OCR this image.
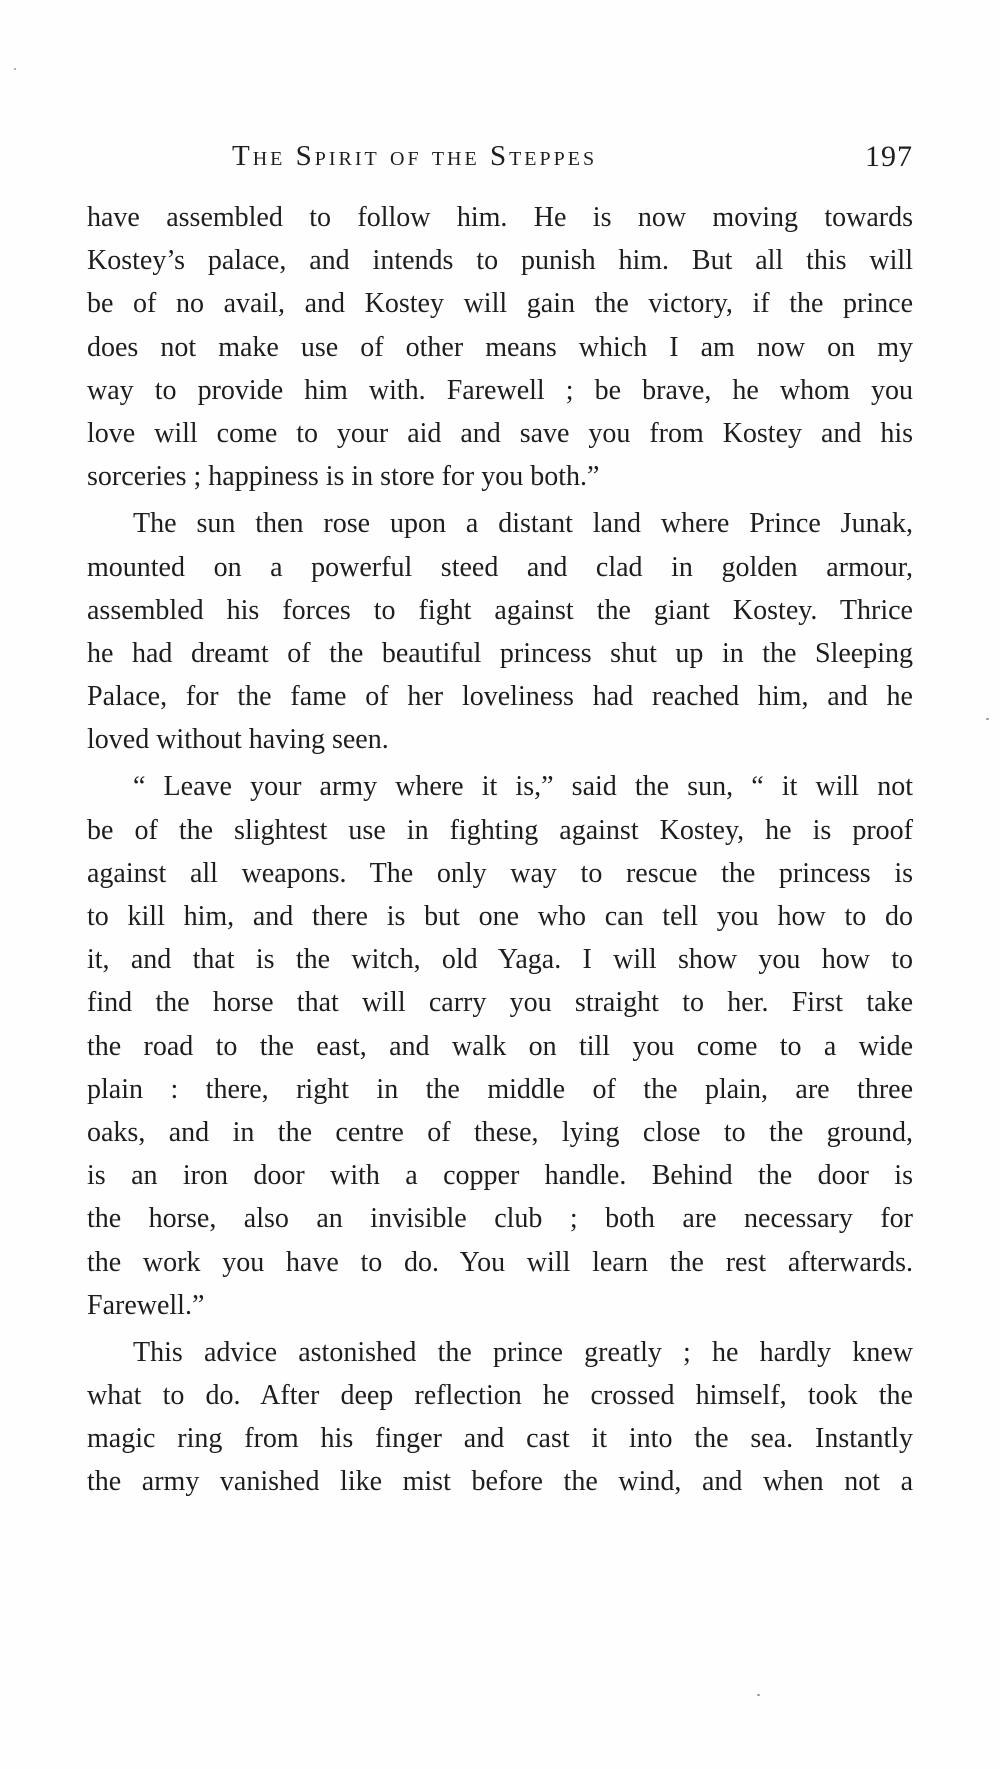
The Spirit of the Steppes	197
have assembled to follow him. He is now moving towards
Kostey’s palace, and intends to punish him. But all this will
be of no avail, and Kostey will gain the victory, if the prince
does not make use of other means which I am now on my
way to provide him with. Farewell ; be brave, he whom you
love will come to your aid and save you from Kostey and his
sorceries ; happiness is in store for you both.”
The sun then rose upon a distant land where Prince Junak,
mounted on a powerful steed and clad in golden armour,
assembled his forces to fight against the giant Kostey. Thrice
he had dreamt of the beautiful princess shut up in the Sleeping
Palace, for the fame of her loveliness had reached him, and he
loved without having seen.
“ Leave your army where it is,” said the sun, “ it will not
be of the slightest use in fighting against Kostey, he is proof
against all weapons. The only way to rescue the princess is
to kill him, and there is but one who can tell you how to do
it, and that is the witch, old Yaga. I will show you how to
find the horse that will carry you straight to her. First take
the road to the east, and walk on till you come to a wide
plain : there, right in the middle of the plain, are three
oaks, and in the centre of these, lying close to the ground,
is an iron door with a copper handle. Behind the door is
the horse, also an invisible club ; both are necessary for
the work you have to do. You will learn the rest afterwards.
Farewell.”
This advice astonished the prince greatly ; he hardly knew
what to do. After deep reflection he crossed himself, took the
magic ring from his finger and cast it into the sea. Instantly
the army vanished like mist before the wind, and when not a
